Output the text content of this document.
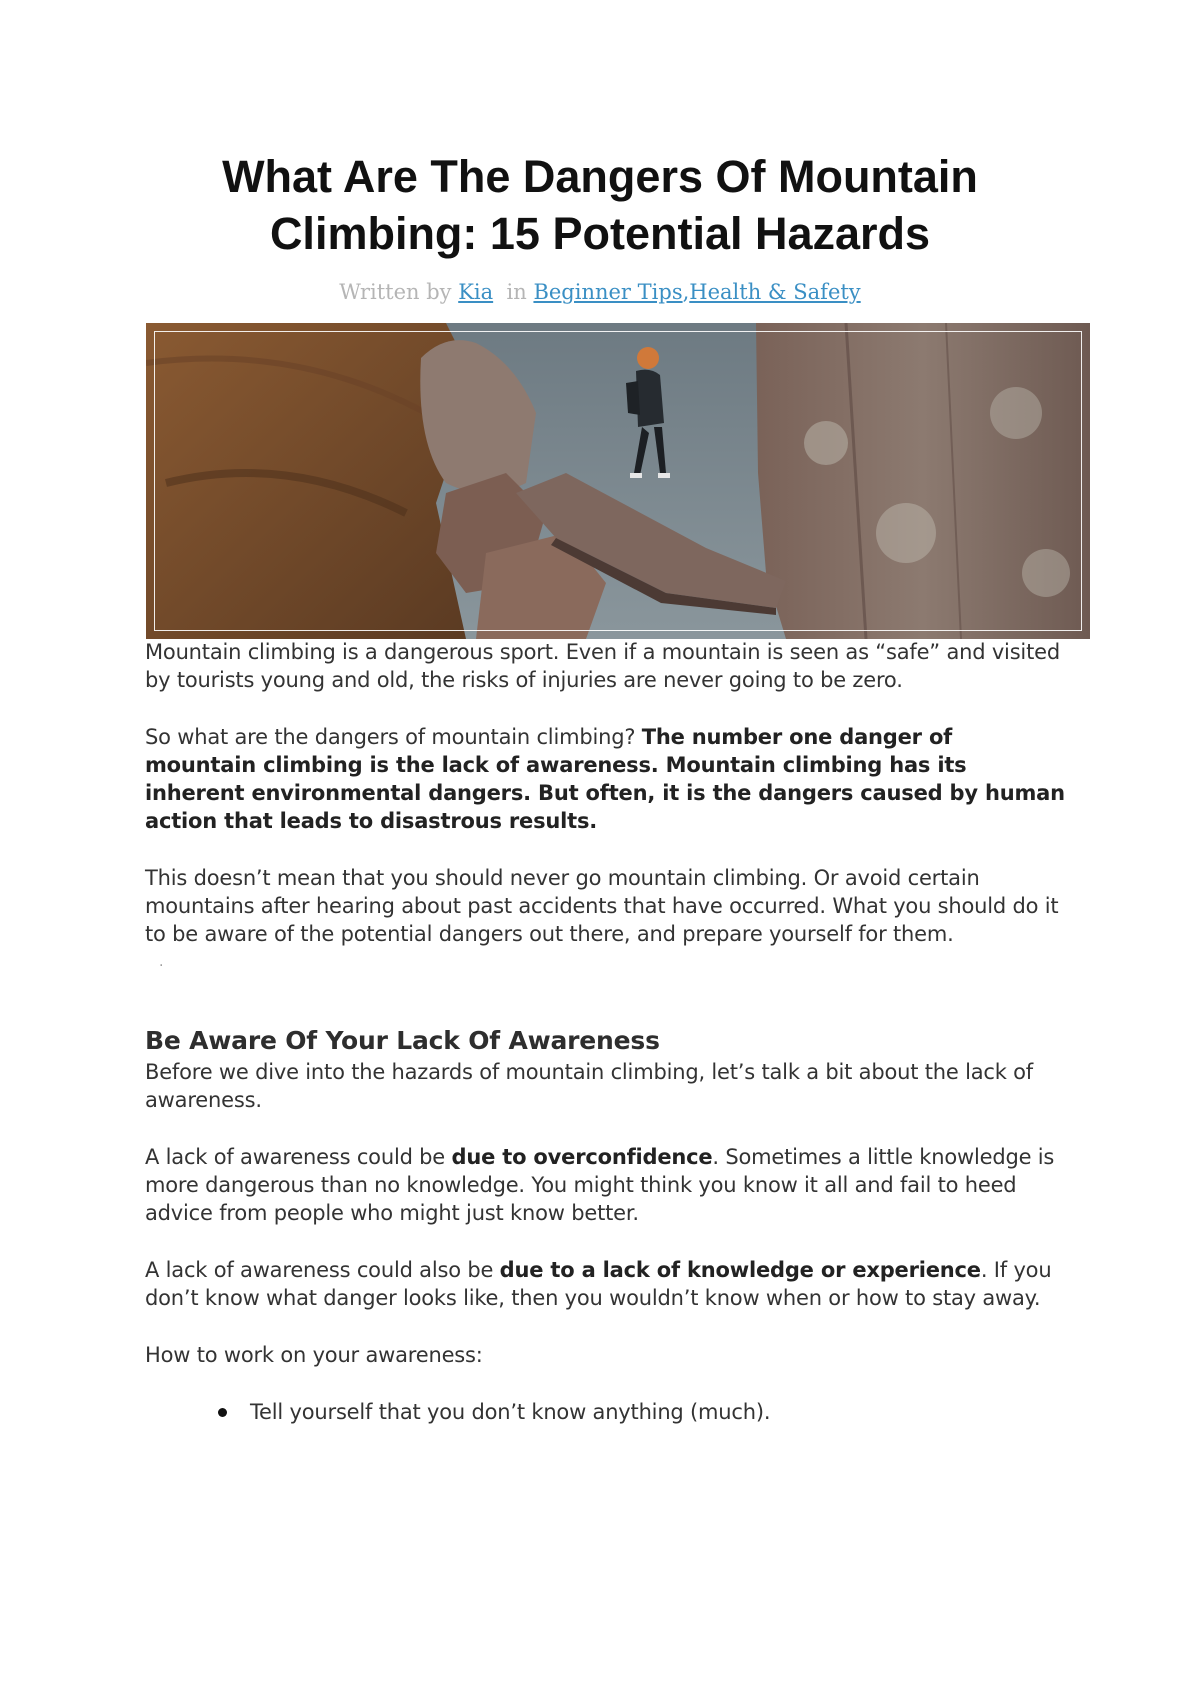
What Are The Dangers Of Mountain Climbing: 15 Potential Hazards
Written by Kia in Beginner Tips,Health & Safety

Mountain climbing is a dangerous sport. Even if a mountain is seen as “safe” and visited by tourists young and old, the risks of injuries are never going to be zero.

So what are the dangers of mountain climbing? The number one danger of mountain climbing is the lack of awareness. Mountain climbing has its inherent environmental dangers. But often, it is the dangers caused by human action that leads to disastrous results.

This doesn’t mean that you should never go mountain climbing. Or avoid certain mountains after hearing about past accidents that have occurred. What you should do it to be aware of the potential dangers out there, and prepare yourself for them.

.
Be Aware Of Your Lack Of Awareness

Before we dive into the hazards of mountain climbing, let’s talk a bit about the lack of awareness.

A lack of awareness could be due to overconfidence. Sometimes a little knowledge is more dangerous than no knowledge. You might think you know it all and fail to heed advice from people who might just know better.

A lack of awareness could also be due to a lack of knowledge or experience. If you don’t know what danger looks like, then you wouldn’t know when or how to stay away.

How to work on your awareness:

Tell yourself that you don’t know anything (much).
